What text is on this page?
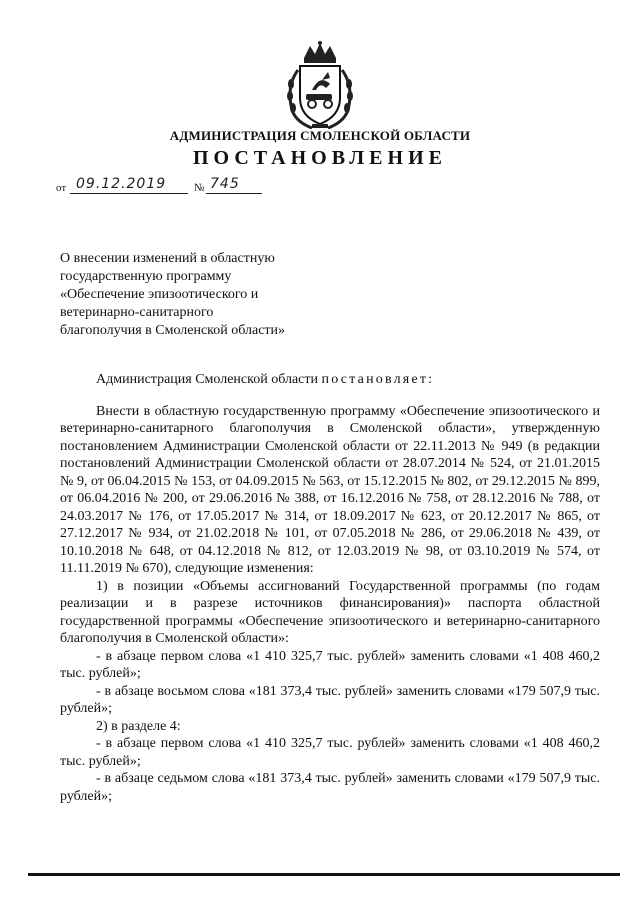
АДМИНИСТРАЦИЯ СМОЛЕНСКОЙ ОБЛАСТИ
ПОСТАНОВЛЕНИЕ
от 09.12.2019	№ 745
О внесении изменений в областную
государственную программу
«Обеспечение эпизоотического и
ветеринарно-санитарного
благополучия в Смоленской области»
Администрация Смоленской области постановляет:

Внести в областную государственную программу «Обеспечение эпизоотического и ветеринарно-санитарного благополучия в Смоленской области», утвержденную постановлением Администрации Смоленской области от 22.11.2013 № 949 (в редакции постановлений Администрации Смоленской области от 28.07.2014 № 524, от 21.01.2015 № 9, от 06.04.2015 № 153, от 04.09.2015 № 563, от 15.12.2015 № 802, от 29.12.2015 № 899, от 06.04.2016 № 200, от 29.06.2016 № 388, от 16.12.2016 № 758, от 28.12.2016 № 788, от 24.03.2017 № 176, от 17.05.2017 № 314, от 18.09.2017 № 623, от 20.12.2017 № 865, от 27.12.2017 № 934, от 21.02.2018 № 101, от 07.05.2018 № 286, от 29.06.2018 № 439, от 10.10.2018 № 648, от 04.12.2018 № 812, от 12.03.2019 № 98, от 03.10.2019 № 574, от 11.11.2019 № 670), следующие изменения:

1) в позиции «Объемы ассигнований Государственной программы (по годам реализации и в разрезе источников финансирования)» паспорта областной государственной программы «Обеспечение эпизоотического и ветеринарно-санитарного благополучия в Смоленской области»:

- в абзаце первом слова «1 410 325,7 тыс. рублей» заменить словами «1 408 460,2 тыс. рублей»;

- в абзаце восьмом слова «181 373,4 тыс. рублей» заменить словами «179 507,9 тыс. рублей»;

2) в разделе 4:

- в абзаце первом слова «1 410 325,7 тыс. рублей» заменить словами «1 408 460,2 тыс. рублей»;

- в абзаце седьмом слова «181 373,4 тыс. рублей» заменить словами «179 507,9 тыс. рублей»;
